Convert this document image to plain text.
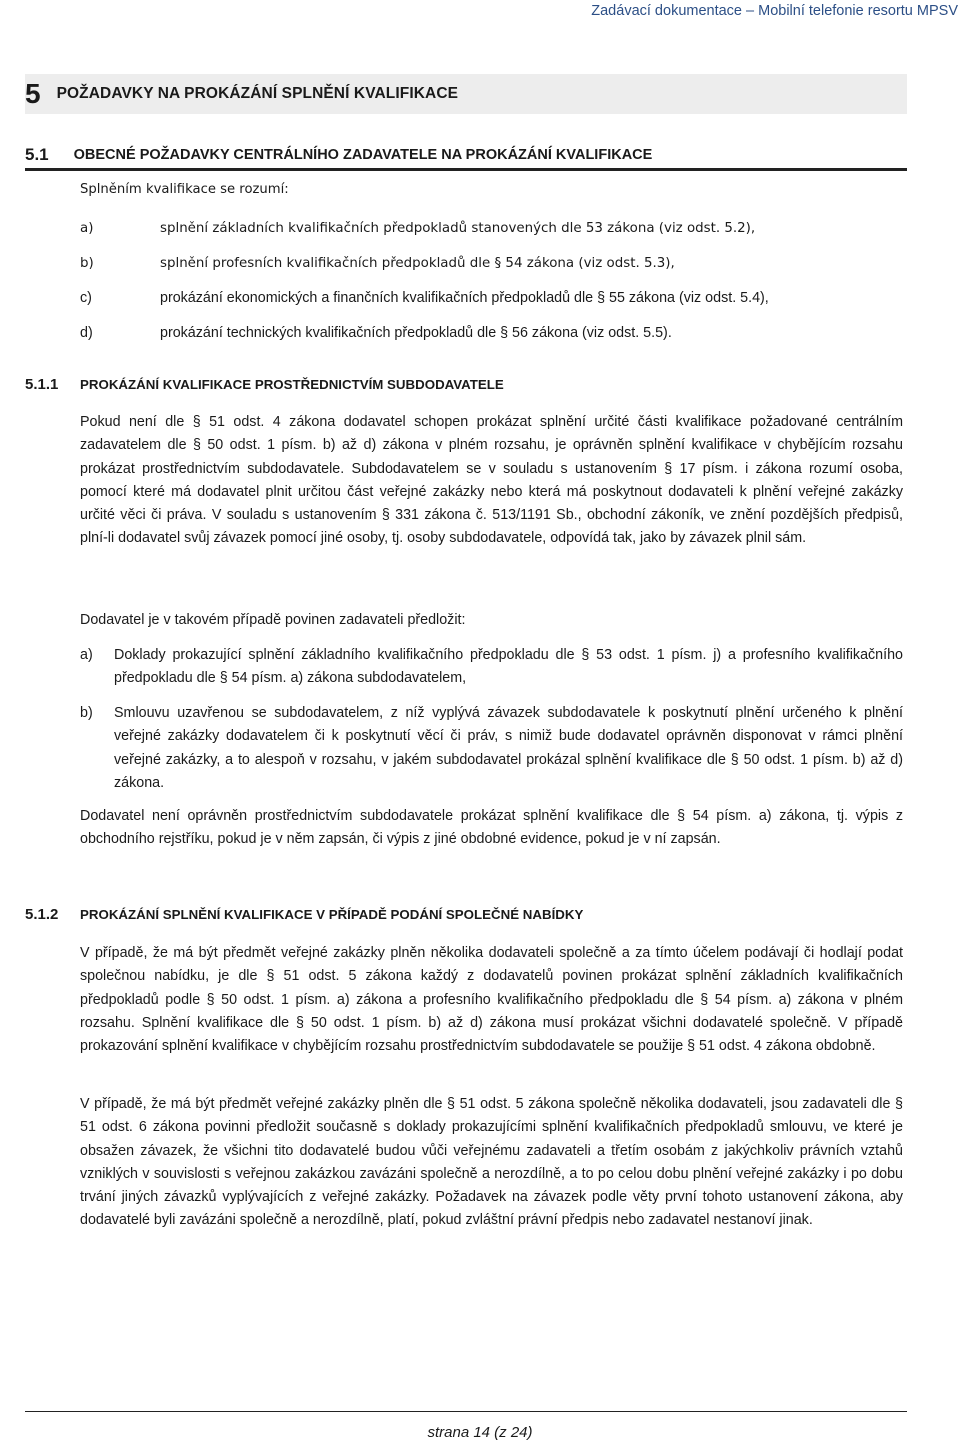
Zadávací dokumentace – Mobilní telefonie resortu MPSV
5 POŽADAVKY NA PROKÁZÁNÍ SPLNĚNÍ KVALIFIKACE
5.1 OBECNÉ POŽADAVKY CENTRÁLNÍHO ZADAVATELE NA PROKÁZÁNÍ KVALIFIKACE
Splněním kvalifikace se rozumí:
a)	splnění základních kvalifikačních předpokladů stanovených dle 53 zákona (viz odst. 5.2),
b)	splnění profesních kvalifikačních předpokladů dle § 54 zákona (viz odst. 5.3),
c)	prokázání ekonomických a finančních kvalifikačních předpokladů dle § 55 zákona (viz odst. 5.4),
d)	prokázání technických kvalifikačních předpokladů dle § 56 zákona (viz odst. 5.5).
5.1.1	PROKÁZÁNÍ KVALIFIKACE PROSTŘEDNICTVÍM SUBDODAVATELE
Pokud není dle § 51 odst. 4 zákona dodavatel schopen prokázat splnění určité části kvalifikace požadované centrálním zadavatelem dle § 50 odst. 1 písm. b) až d) zákona v plném rozsahu, je oprávněn splnění kvalifikace v chybějícím rozsahu prokázat prostřednictvím subdodavatele. Subdodavatelem se v souladu s ustanovením § 17 písm. i zákona rozumí osoba, pomocí které má dodavatel plnit určitou část veřejné zakázky nebo která má poskytnout dodavateli k plnění veřejné zakázky určité věci či práva. V souladu s ustanovením § 331 zákona č. 513/1191 Sb., obchodní zákoník, ve znění pozdějších předpisů, plní-li dodavatel svůj závazek pomocí jiné osoby, tj. osoby subdodavatele, odpovídá tak, jako by závazek plnil sám.
Dodavatel je v takovém případě povinen zadavateli předložit:
a) Doklady prokazující splnění základního kvalifikačního předpokladu dle § 53 odst. 1 písm. j) a profesního kvalifikačního předpokladu dle § 54 písm. a) zákona subdodavatelem,
b) Smlouvu uzavřenou se subdodavatelem, z níž vyplývá závazek subdodavatele k poskytnutí plnění určeného k plnění veřejné zakázky dodavatelem či k poskytnutí věcí či práv, s nimiž bude dodavatel oprávněn disponovat v rámci plnění veřejné zakázky, a to alespoň v rozsahu, v jakém subdodavatel prokázal splnění kvalifikace dle § 50 odst. 1 písm. b) až d) zákona.
Dodavatel není oprávněn prostřednictvím subdodavatele prokázat splnění kvalifikace dle § 54 písm. a) zákona, tj. výpis z obchodního rejstříku, pokud je v něm zapsán, či výpis z jiné obdobné evidence, pokud je v ní zapsán.
5.1.2	PROKÁZÁNÍ SPLNĚNÍ KVALIFIKACE V PŘÍPADĚ PODÁNÍ SPOLEČNÉ NABÍDKY
V případě, že má být předmět veřejné zakázky plněn několika dodavateli společně a za tímto účelem podávají či hodlají podat společnou nabídku, je dle § 51 odst. 5 zákona každý z dodavatelů povinen prokázat splnění základních kvalifikačních předpokladů podle § 50 odst. 1 písm. a) zákona a profesního kvalifikačního předpokladu dle § 54 písm. a) zákona v plném rozsahu. Splnění kvalifikace dle § 50 odst. 1 písm. b) až d) zákona musí prokázat všichni dodavatelé společně. V případě prokazování splnění kvalifikace v chybějícím rozsahu prostřednictvím subdodavatele se použije § 51 odst. 4 zákona obdobně.
V případě, že má být předmět veřejné zakázky plněn dle § 51 odst. 5 zákona společně několika dodavateli, jsou zadavateli dle § 51 odst. 6 zákona povinni předložit současně s doklady prokazujícími splnění kvalifikačních předpokladů smlouvu, ve které je obsažen závazek, že všichni tito dodavatelé budou vůči veřejnému zadavateli a třetím osobám z jakýchkoliv právních vztahů vzniklých v souvislosti s veřejnou zakázkou zavázáni společně a nerozdílně, a to po celou dobu plnění veřejné zakázky i po dobu trvání jiných závazků vyplývajících z veřejné zakázky. Požadavek na závazek podle věty první tohoto ustanovení zákona, aby dodavatelé byli zavázáni společně a nerozdílně, platí, pokud zvláštní právní předpis nebo zadavatel nestanoví jinak.
strana 14 (z 24)
